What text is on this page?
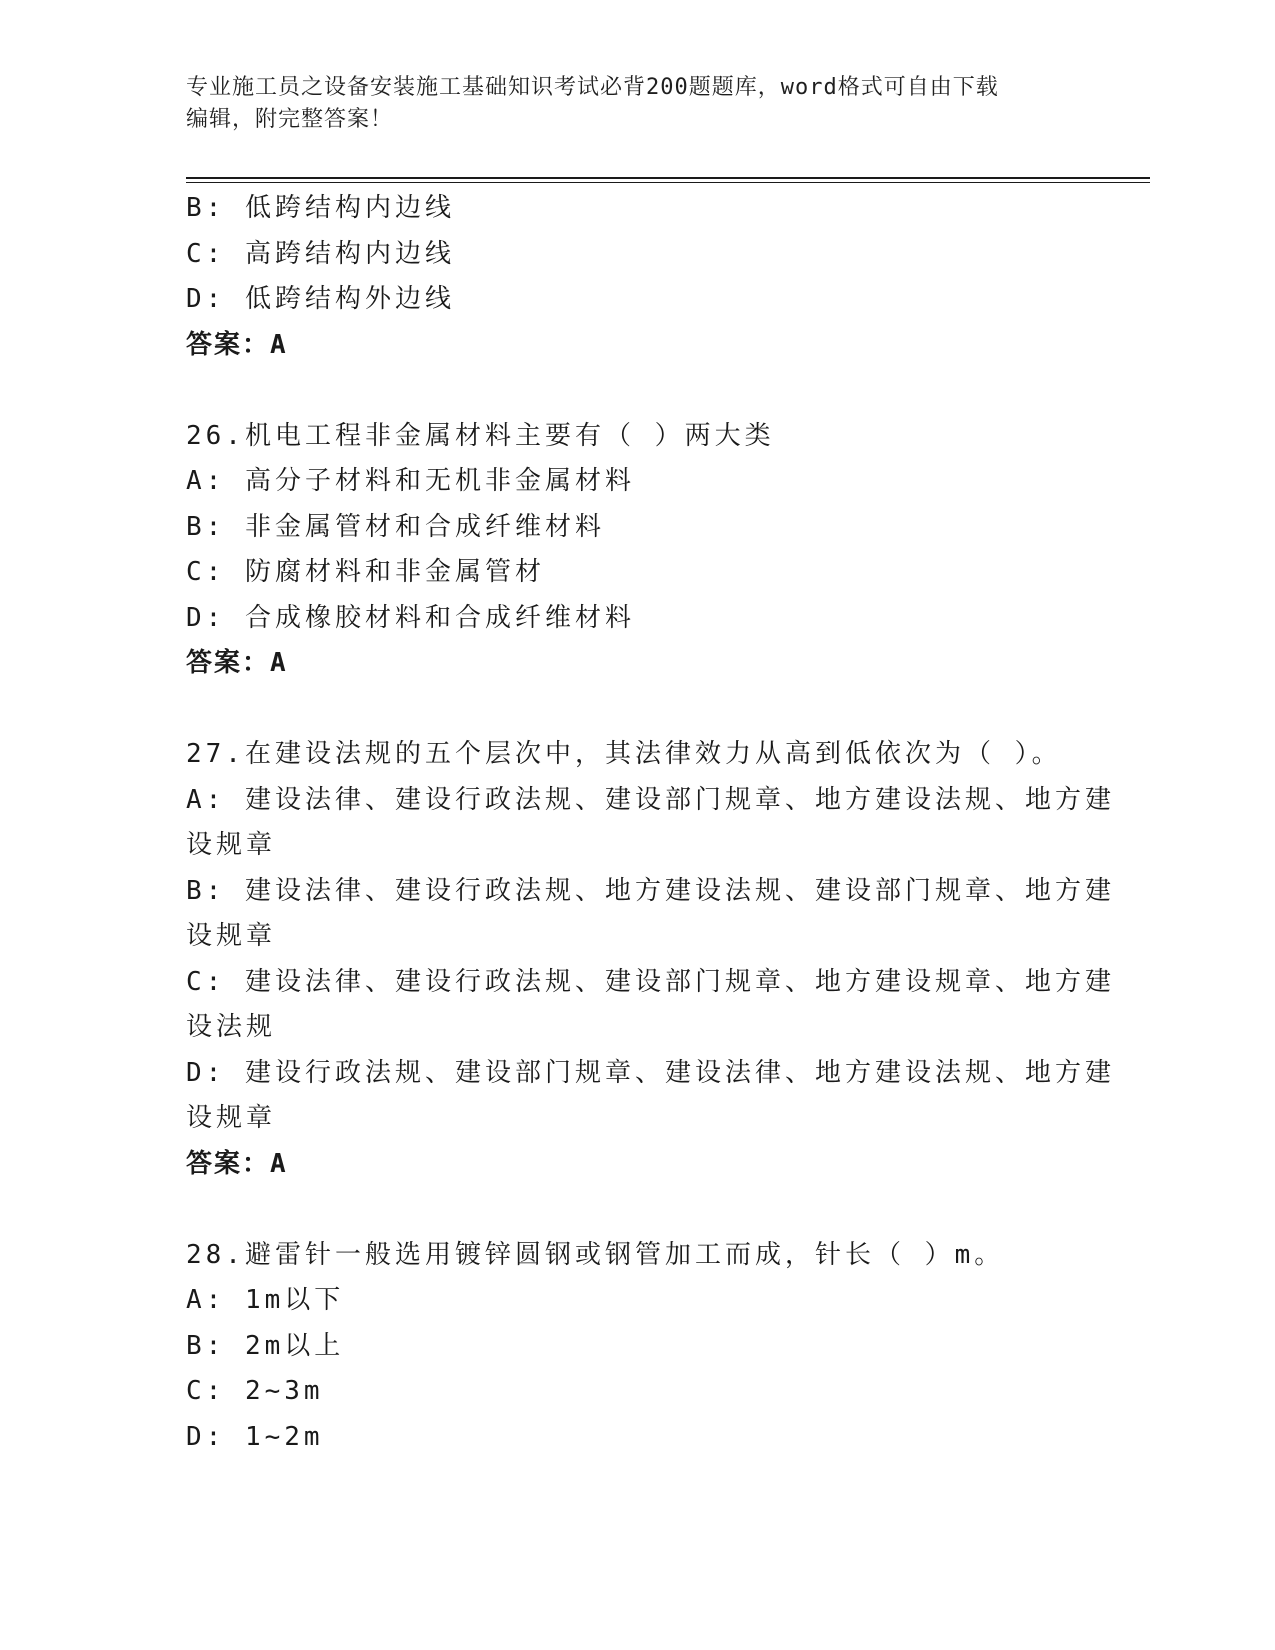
专业施工员之设备安装施工基础知识考试必背200题题库，word格式可自由下载
编辑，附完整答案！
B: 低跨结构内边线
C: 高跨结构内边线
D: 低跨结构外边线
答案：A
26.机电工程非金属材料主要有（ ）两大类
A: 高分子材料和无机非金属材料
B: 非金属管材和合成纤维材料
C: 防腐材料和非金属管材
D: 合成橡胶材料和合成纤维材料
答案：A
27.在建设法规的五个层次中，其法律效力从高到低依次为（ ）。
A: 建设法律、建设行政法规、建设部门规章、地方建设法规、地方建
设规章
B: 建设法律、建设行政法规、地方建设法规、建设部门规章、地方建
设规章
C: 建设法律、建设行政法规、建设部门规章、地方建设规章、地方建
设法规
D: 建设行政法规、建设部门规章、建设法律、地方建设法规、地方建
设规章
答案：A
28.避雷针一般选用镀锌圆钢或钢管加工而成，针长（ ）m。
A: 1m以下
B: 2m以上
C: 2~3m
D: 1~2m
